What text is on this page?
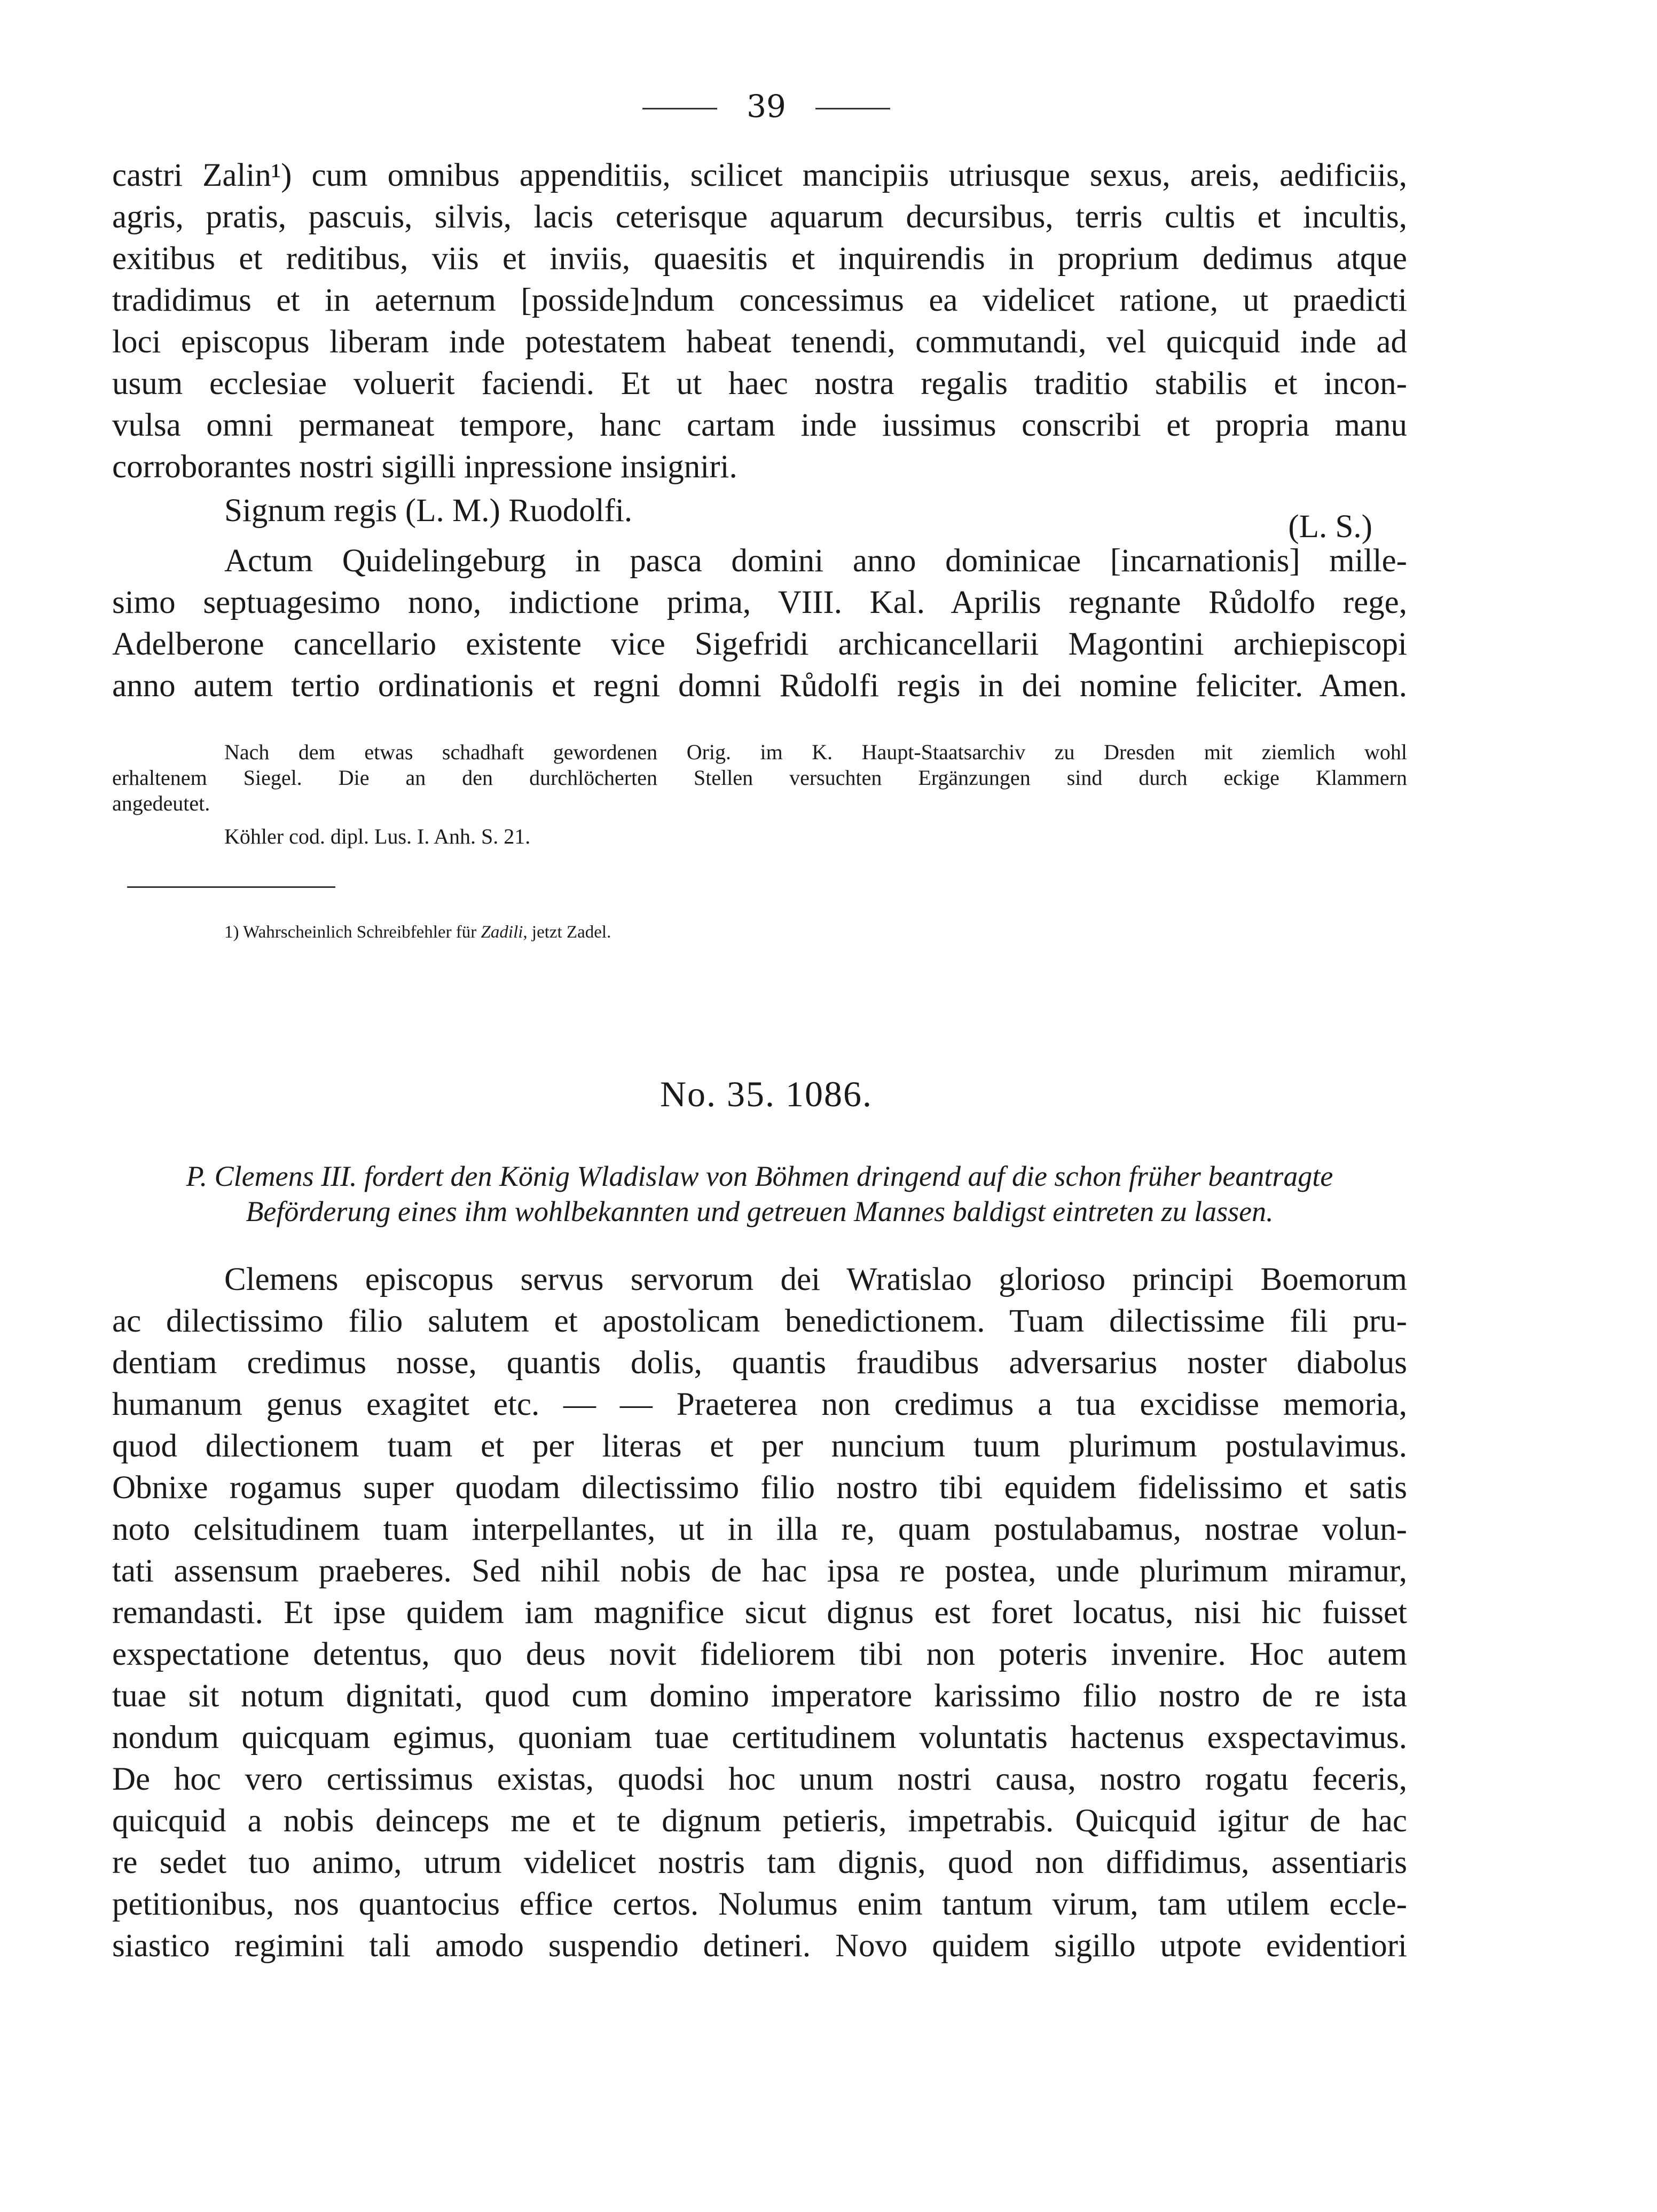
39
castri Zalin¹) cum omnibus appenditiis, scilicet mancipiis utriusque sexus, areis, aedificiis,
agris, pratis, pascuis, silvis, lacis ceterisque aquarum decursibus, terris cultis et incultis,
exitibus et reditibus, viis et inviis, quaesitis et inquirendis in proprium dedimus atque
tradidimus et in aeternum [posside]ndum concessimus ea videlicet ratione, ut praedicti
loci episcopus liberam inde potestatem habeat tenendi, commutandi, vel quicquid inde ad
usum ecclesiae voluerit faciendi. Et ut haec nostra regalis traditio stabilis et incon-
vulsa omni permaneat tempore, hanc cartam inde iussimus conscribi et propria manu
corroborantes nostri sigilli inpressione insigniri.
Signum regis (L. M.) Ruodolfi.	(L. S.)
Actum Quidelingeburg in pasca domini anno dominicae [incarnationis] mille-
simo septuagesimo nono, indictione prima, VIII. Kal. Aprilis regnante Růdolfo rege,
Adelberone cancellario existente vice Sigefridi archicancellarii Magontini archiepiscopi
anno autem tertio ordinationis et regni domni Růdolfi regis in dei nomine feliciter. Amen.
Nach dem etwas schadhaft gewordenen Orig. im K. Haupt-Staatsarchiv zu Dresden mit ziemlich wohl
erhaltenem Siegel. Die an den durchlöcherten Stellen versuchten Ergänzungen sind durch eckige Klammern
angedeutet.
Köhler cod. dipl. Lus. I. Anh. S. 21.
1) Wahrscheinlich Schreibfehler für Zadili, jetzt Zadel.
No. 35. 1086.
P. Clemens III. fordert den König Wladislaw von Böhmen dringend auf die schon früher beantragte
Beförderung eines ihm wohlbekannten und getreuen Mannes baldigst eintreten zu lassen.
Clemens episcopus servus servorum dei Wratislao glorioso principi Boemorum
ac dilectissimo filio salutem et apostolicam benedictionem. Tuam dilectissime fili pru-
dentiam credimus nosse, quantis dolis, quantis fraudibus adversarius noster diabolus
humanum genus exagitet etc. — — Praeterea non credimus a tua excidisse memoria,
quod dilectionem tuam et per literas et per nuncium tuum plurimum postulavimus.
Obnixe rogamus super quodam dilectissimo filio nostro tibi equidem fidelissimo et satis
noto celsitudinem tuam interpellantes, ut in illa re, quam postulabamus, nostrae volun-
tati assensum praeberes. Sed nihil nobis de hac ipsa re postea, unde plurimum miramur,
remandasti. Et ipse quidem iam magnifice sicut dignus est foret locatus, nisi hic fuisset
exspectatione detentus, quo deus novit fideliorem tibi non poteris invenire. Hoc autem
tuae sit notum dignitati, quod cum domino imperatore karissimo filio nostro de re ista
nondum quicquam egimus, quoniam tuae certitudinem voluntatis hactenus exspectavimus.
De hoc vero certissimus existas, quodsi hoc unum nostri causa, nostro rogatu feceris,
quicquid a nobis deinceps me et te dignum petieris, impetrabis. Quicquid igitur de hac
re sedet tuo animo, utrum videlicet nostris tam dignis, quod non diffidimus, assentiaris
petitionibus, nos quantocius effice certos. Nolumus enim tantum virum, tam utilem eccle-
siastico regimini tali amodo suspendio detineri. Novo quidem sigillo utpote evidentiori
